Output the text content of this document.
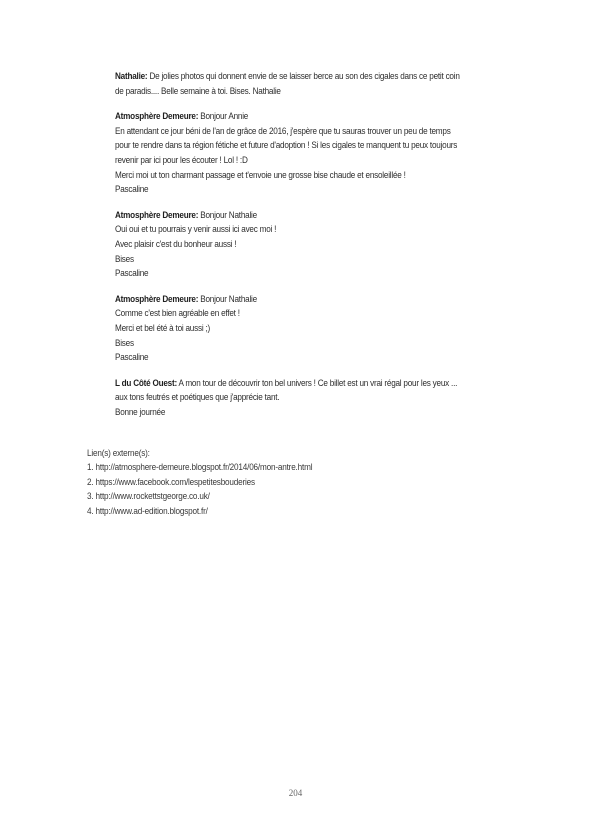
Nathalie: De jolies photos qui donnent envie de se laisser berce au son des cigales dans ce petit coin

de paradis.... Belle semaine à toi. Bises. Nathalie

Atmosphère Demeure: Bonjour Annie

En attendant ce jour béni de l'an de grâce de 2016, j'espère que tu sauras trouver un peu de temps

pour te rendre dans ta région fétiche et future d'adoption ! Si les cigales te manquent tu peux toujours

revenir par ici pour les écouter ! Lol ! :D

Merci moi ut ton charmant passage et t'envoie une grosse bise chaude et ensoleillée !

Pascaline

Atmosphère Demeure: Bonjour Nathalie

Oui oui et tu pourrais y venir aussi ici avec moi !

Avec plaisir c'est du bonheur aussi !

Bises

Pascaline

Atmosphère Demeure: Bonjour Nathalie

Comme c'est bien agréable en effet !

Merci et bel été à toi aussi ;)

Bises

Pascaline

L du Côté Ouest: A mon tour de découvrir ton bel univers ! Ce billet est un vrai régal pour les yeux ...

aux tons feutrés et poétiques que j'apprécie tant.

Bonne journée

Lien(s) externe(s):
1. http://atmosphere-demeure.blogspot.fr/2014/06/mon-antre.html
2. https://www.facebook.com/lespetitesbouderies
3. http://www.rockettstgeorge.co.uk/
4. http://www.ad-edition.blogspot.fr/
204
